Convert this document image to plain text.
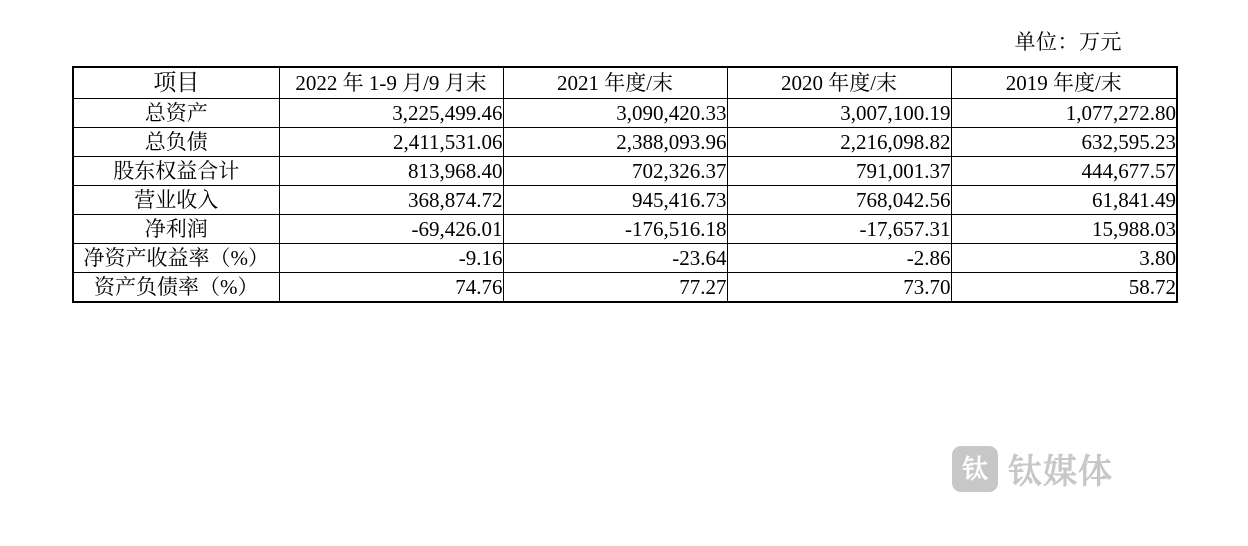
单位：万元
项目	2022 年 1-9 月/9 月末	2021 年度/末	2020 年度/末	2019 年度/末
总资产	3,225,499.46	3,090,420.33	3,007,100.19	1,077,272.80
总负债	2,411,531.06	2,388,093.96	2,216,098.82	632,595.23
股东权益合计	813,968.40	702,326.37	791,001.37	444,677.57
营业收入	368,874.72	945,416.73	768,042.56	61,841.49
净利润	-69,426.01	-176,516.18	-17,657.31	15,988.03
净资产收益率（%）	-9.16	-23.64	-2.86	3.80
资产负债率（%）	74.76	77.27	73.70	58.72
钛 钛媒体
